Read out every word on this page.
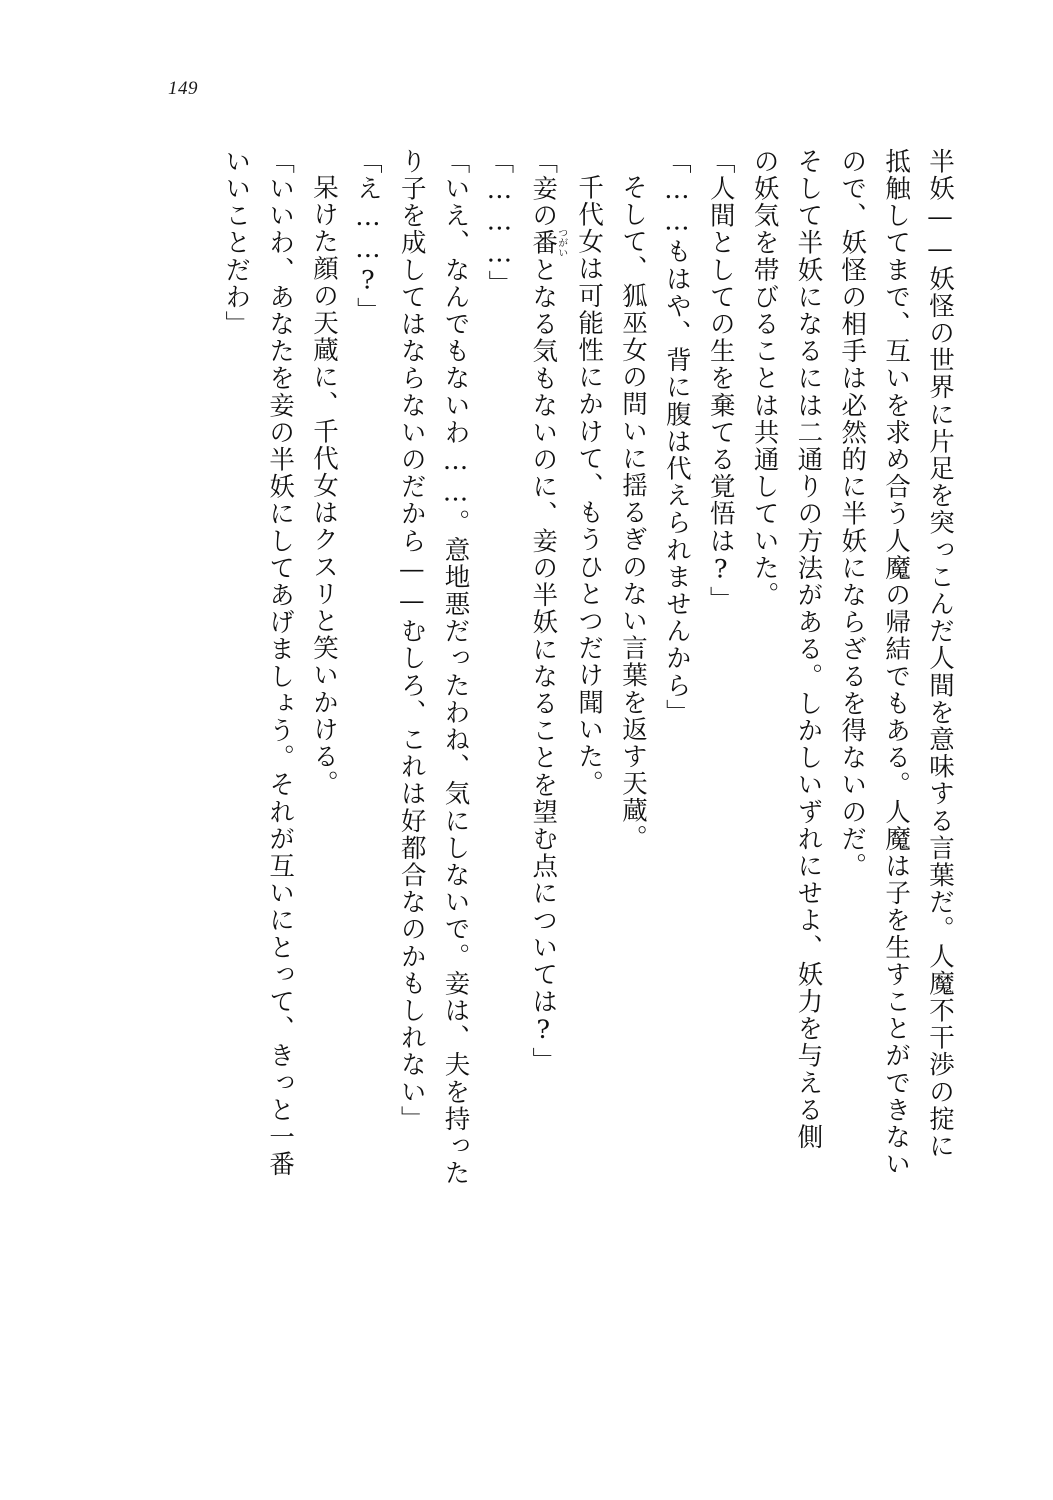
149
半妖——妖怪の世界に片足を突っこんだ人間を意味する言葉だ。人魔不干渉の掟に
抵触してまで、互いを求め合う人魔の帰結でもある。人魔は子を生すことができない
ので、妖怪の相手は必然的に半妖にならざるを得ないのだ。
そして半妖になるには二通りの方法がある。しかしいずれにせよ、妖力を与える側
の妖気を帯びることは共通していた。
「人間としての生を棄てる覚悟は?」
「……もはや、背に腹は代えられませんから」
そして、狐巫女の問いに揺るぎのない言葉を返す天蔵。
千代女は可能性にかけて、もうひとつだけ聞いた。
「妾の番つがいとなる気もないのに、妾の半妖になることを望む点については?」
「………」
「いえ、なんでもないわ……。意地悪だったわね、気にしないで。妾は、夫を持った
り子を成してはならないのだから——むしろ、これは好都合なのかもしれない」
「え……?」
呆けた顔の天蔵に、千代女はクスリと笑いかける。
「いいわ、あなたを妾の半妖にしてあげましょう。それが互いにとって、きっと一番
いいことだわ」
